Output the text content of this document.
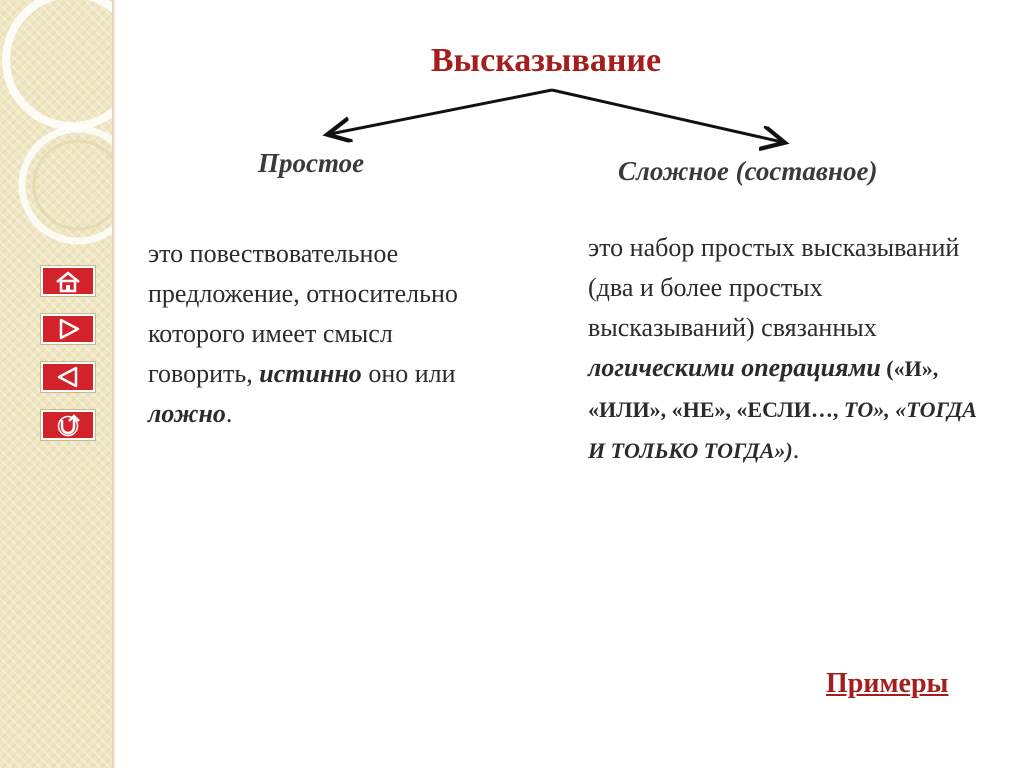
Высказывание
Простое	Сложное (составное)
это повествовательное предложение, относительно которого имеет смысл говорить, истинно оно или ложно.
это набор простых высказываний (два и более простых высказываний) связанных логическими операциями («И», «ИЛИ», «НЕ», «ЕСЛИ…, ТО», «ТОГДА И ТОЛЬКО ТОГДА»).
Примеры
